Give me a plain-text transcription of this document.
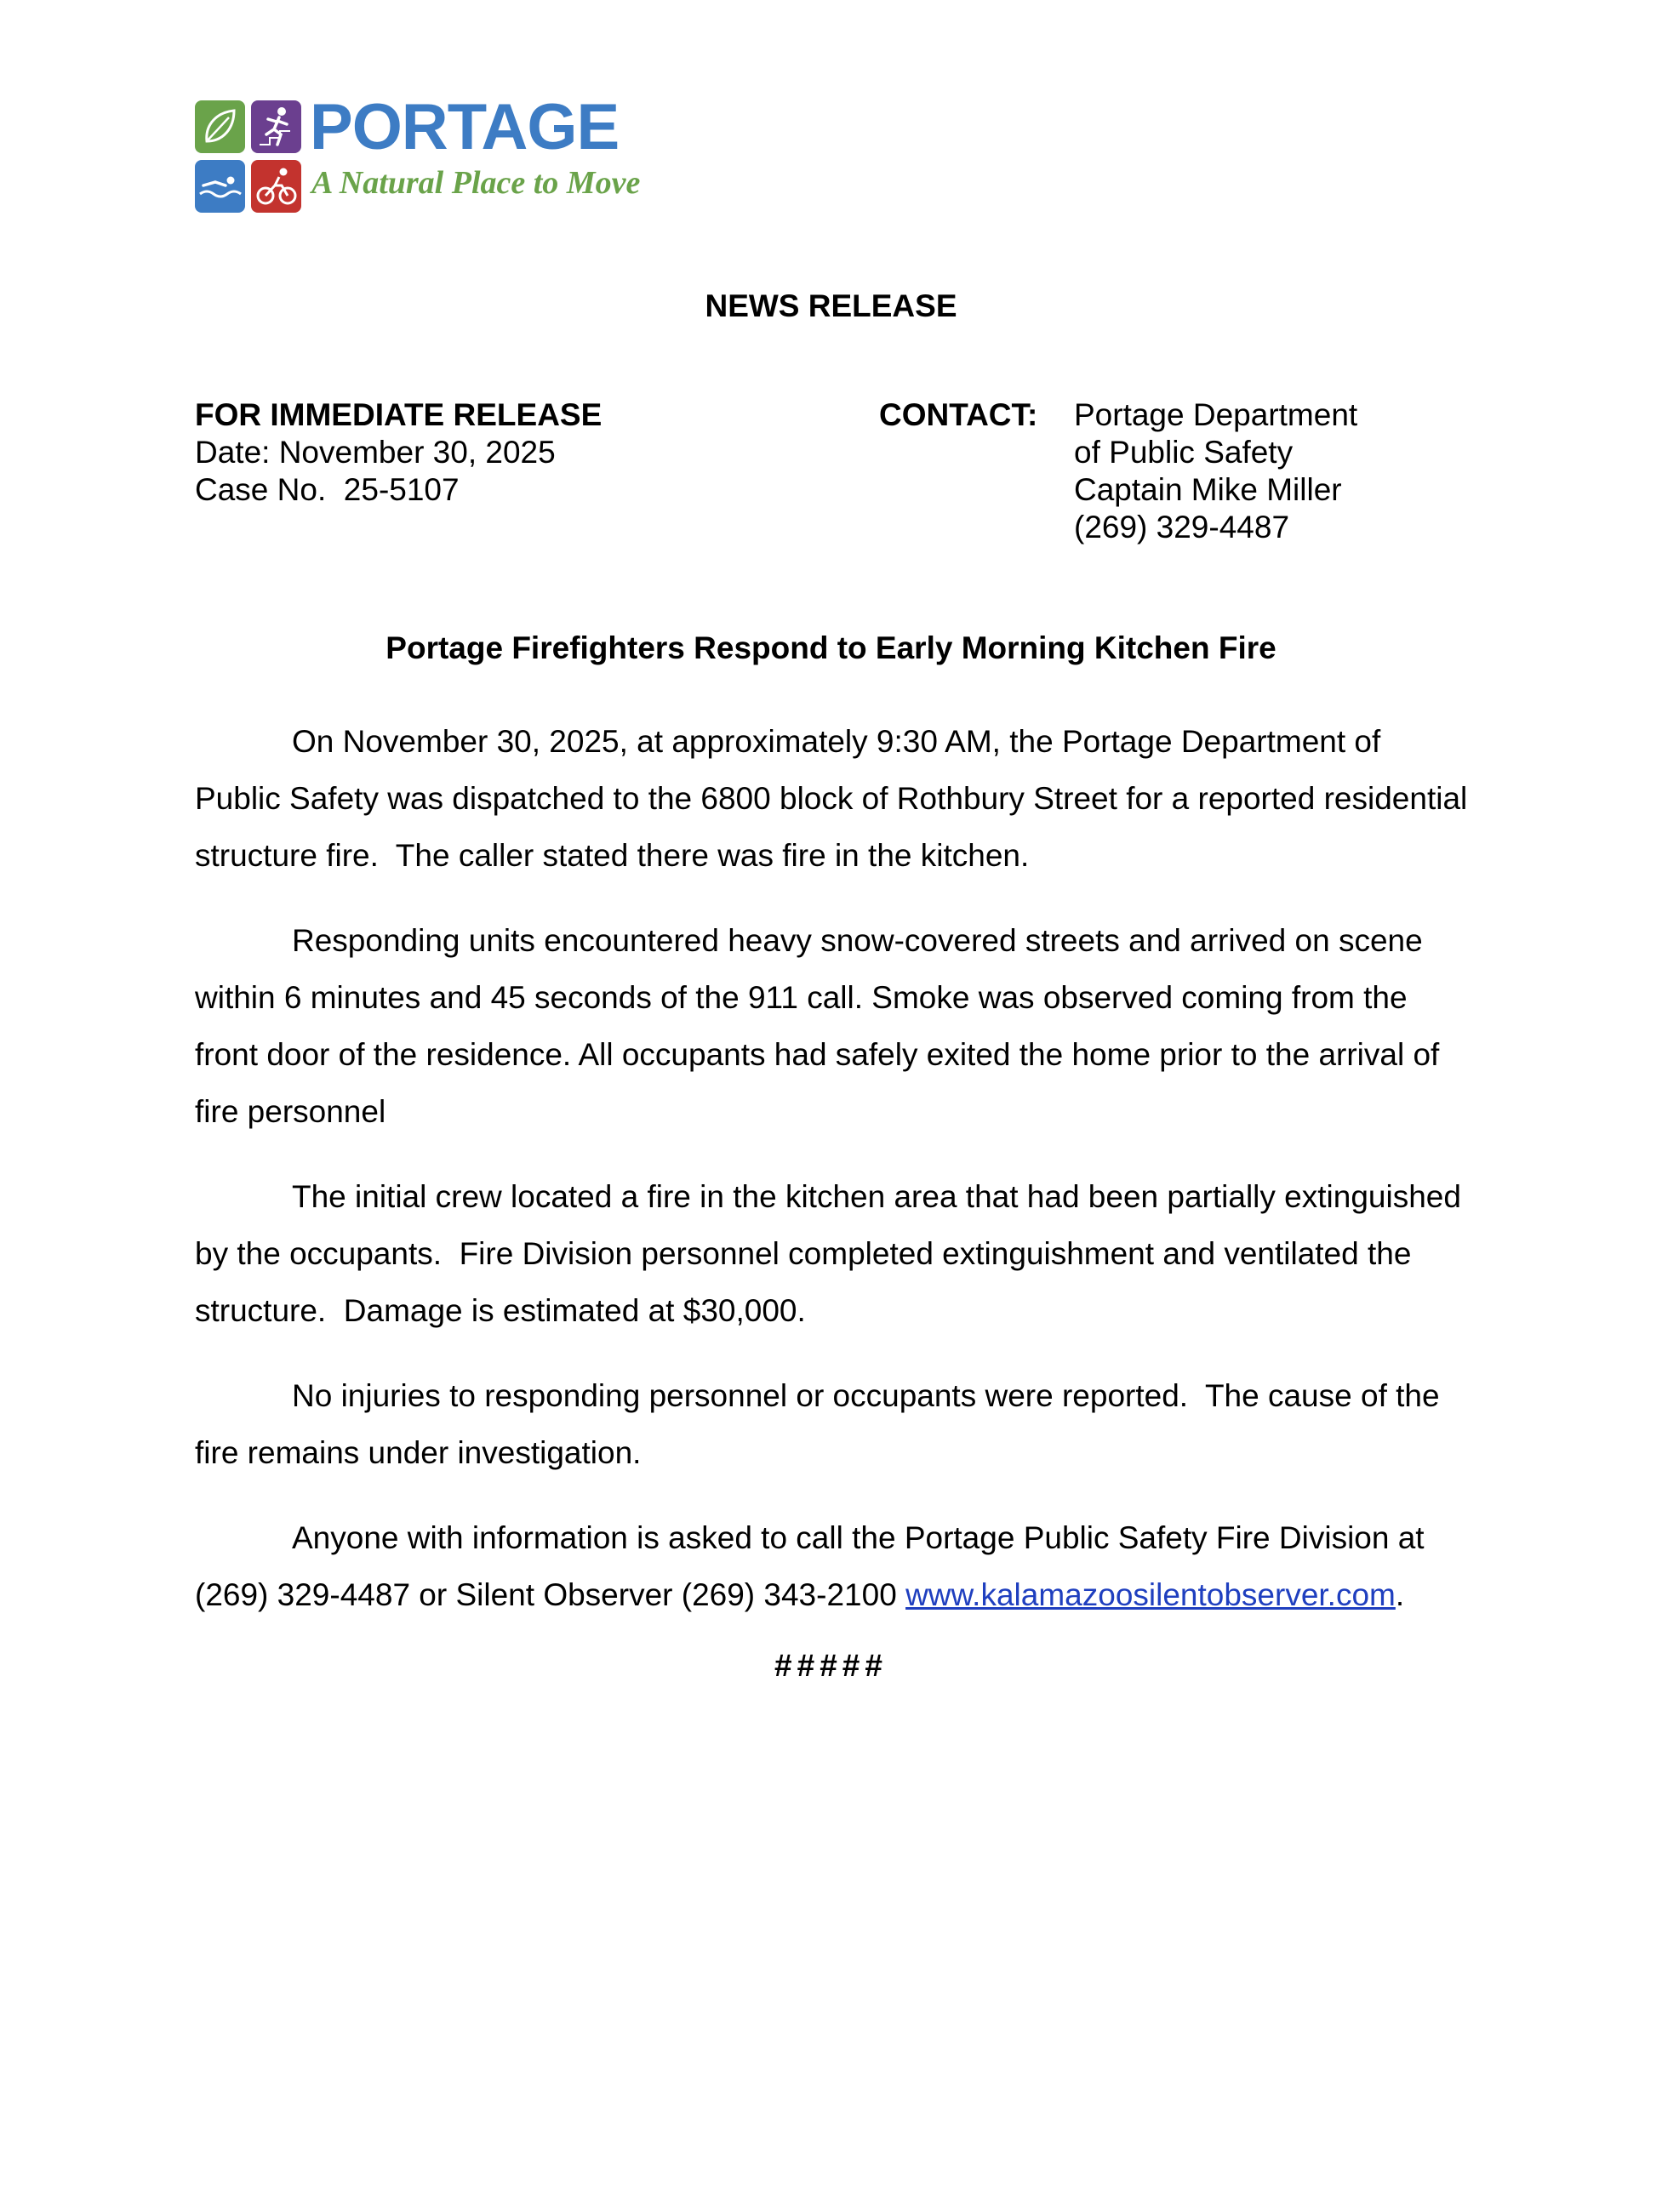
PORTAGE
A Natural Place to Move
NEWS RELEASE
FOR IMMEDIATE RELEASE
Date: November 30, 2025
Case No.  25-5107
CONTACT: Portage Department
of Public Safety
Captain Mike Miller
(269) 329-4487
Portage Firefighters Respond to Early Morning Kitchen Fire

On November 30, 2025, at approximately 9:30 AM, the Portage Department of Public Safety was dispatched to the 6800 block of Rothbury Street for a reported residential structure fire.  The caller stated there was fire in the kitchen.

Responding units encountered heavy snow-covered streets and arrived on scene within 6 minutes and 45 seconds of the 911 call. Smoke was observed coming from the front door of the residence. All occupants had safely exited the home prior to the arrival of fire personnel

The initial crew located a fire in the kitchen area that had been partially extinguished by the occupants.  Fire Division personnel completed extinguishment and ventilated the structure.  Damage is estimated at $30,000.

No injuries to responding personnel or occupants were reported.  The cause of the fire remains under investigation.

Anyone with information is asked to call the Portage Public Safety Fire Division at (269) 329-4487 or Silent Observer (269) 343-2100 www.kalamazoosilentobserver.com.

#####
